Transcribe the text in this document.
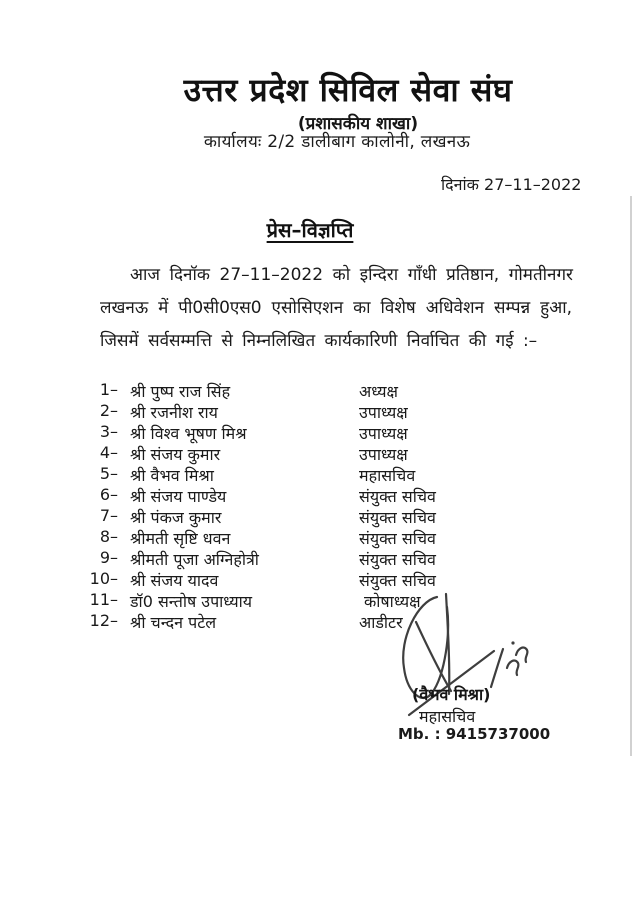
उत्तर प्रदेश सिविल सेवा संघ
(प्रशासकीय शाखा)
कार्यालयः 2/2 डालीबाग कालोनी, लखनऊ
दिनांक 27–11–2022
प्रेस–विज्ञप्ति
आज दिनॉक 27–11–2022 को इन्दिरा गॉंधी प्रतिष्ठान, गोमतीनगर
लखनऊ में पी0सी0एस0 एसोसिएशन का विशेष अधिवेशन सम्पन्न हुआ,
जिसमें सर्वसम्मत्ति से निम्नलिखित कार्यकारिणी निर्वाचित की गई :–
1– श्री पुष्प राज सिंह	अध्यक्ष
2– श्री रजनीश राय	उपाध्यक्ष
3– श्री विश्व भूषण मिश्र	उपाध्यक्ष
4– श्री संजय कुमार	उपाध्यक्ष
5– श्री वैभव मिश्रा	महासचिव
6– श्री संजय पाण्डेय	संयुक्त सचिव
7– श्री पंकज कुमार	संयुक्त सचिव
8– श्रीमती सृष्टि धवन	संयुक्त सचिव
9– श्रीमती पूजा अग्निहोत्री	संयुक्त सचिव
10– श्री संजय यादव	संयुक्त सचिव
11– डॉ0 सन्तोष उपाध्याय	कोषाध्यक्ष
12– श्री चन्दन पटेल	आडीटर
(वैभव मिश्रा)
महासचिव
Mb. : 9415737000
